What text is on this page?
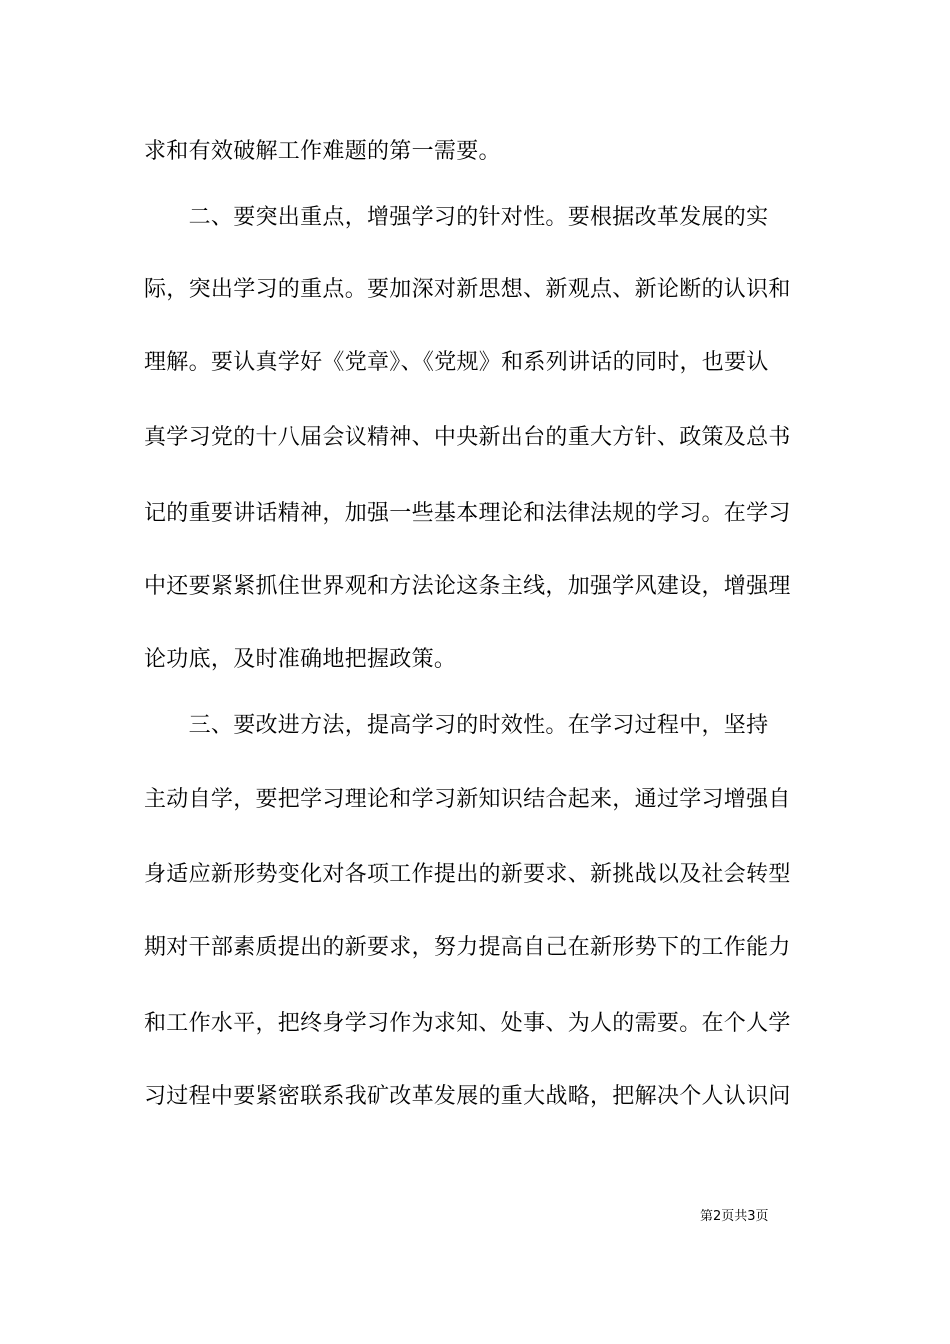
求和有效破解工作难题的第一需要。
　　二、要突出重点，增强学习的针对性。要根据改革发展的实
际，突出学习的重点。要加深对新思想、新观点、新论断的认识和
理解。要认真学好《党章》、《党规》和系列讲话的同时，也要认
真学习党的十八届会议精神、中央新出台的重大方针、政策及总书
记的重要讲话精神，加强一些基本理论和法律法规的学习。在学习
中还要紧紧抓住世界观和方法论这条主线，加强学风建设，增强理
论功底，及时准确地把握政策。
　　三、要改进方法，提高学习的时效性。在学习过程中，坚持
主动自学，要把学习理论和学习新知识结合起来，通过学习增强自
身适应新形势变化对各项工作提出的新要求、新挑战以及社会转型
期对干部素质提出的新要求，努力提高自己在新形势下的工作能力
和工作水平，把终身学习作为求知、处事、为人的需要。在个人学
习过程中要紧密联系我矿改革发展的重大战略，把解决个人认识问
第2页共3页
